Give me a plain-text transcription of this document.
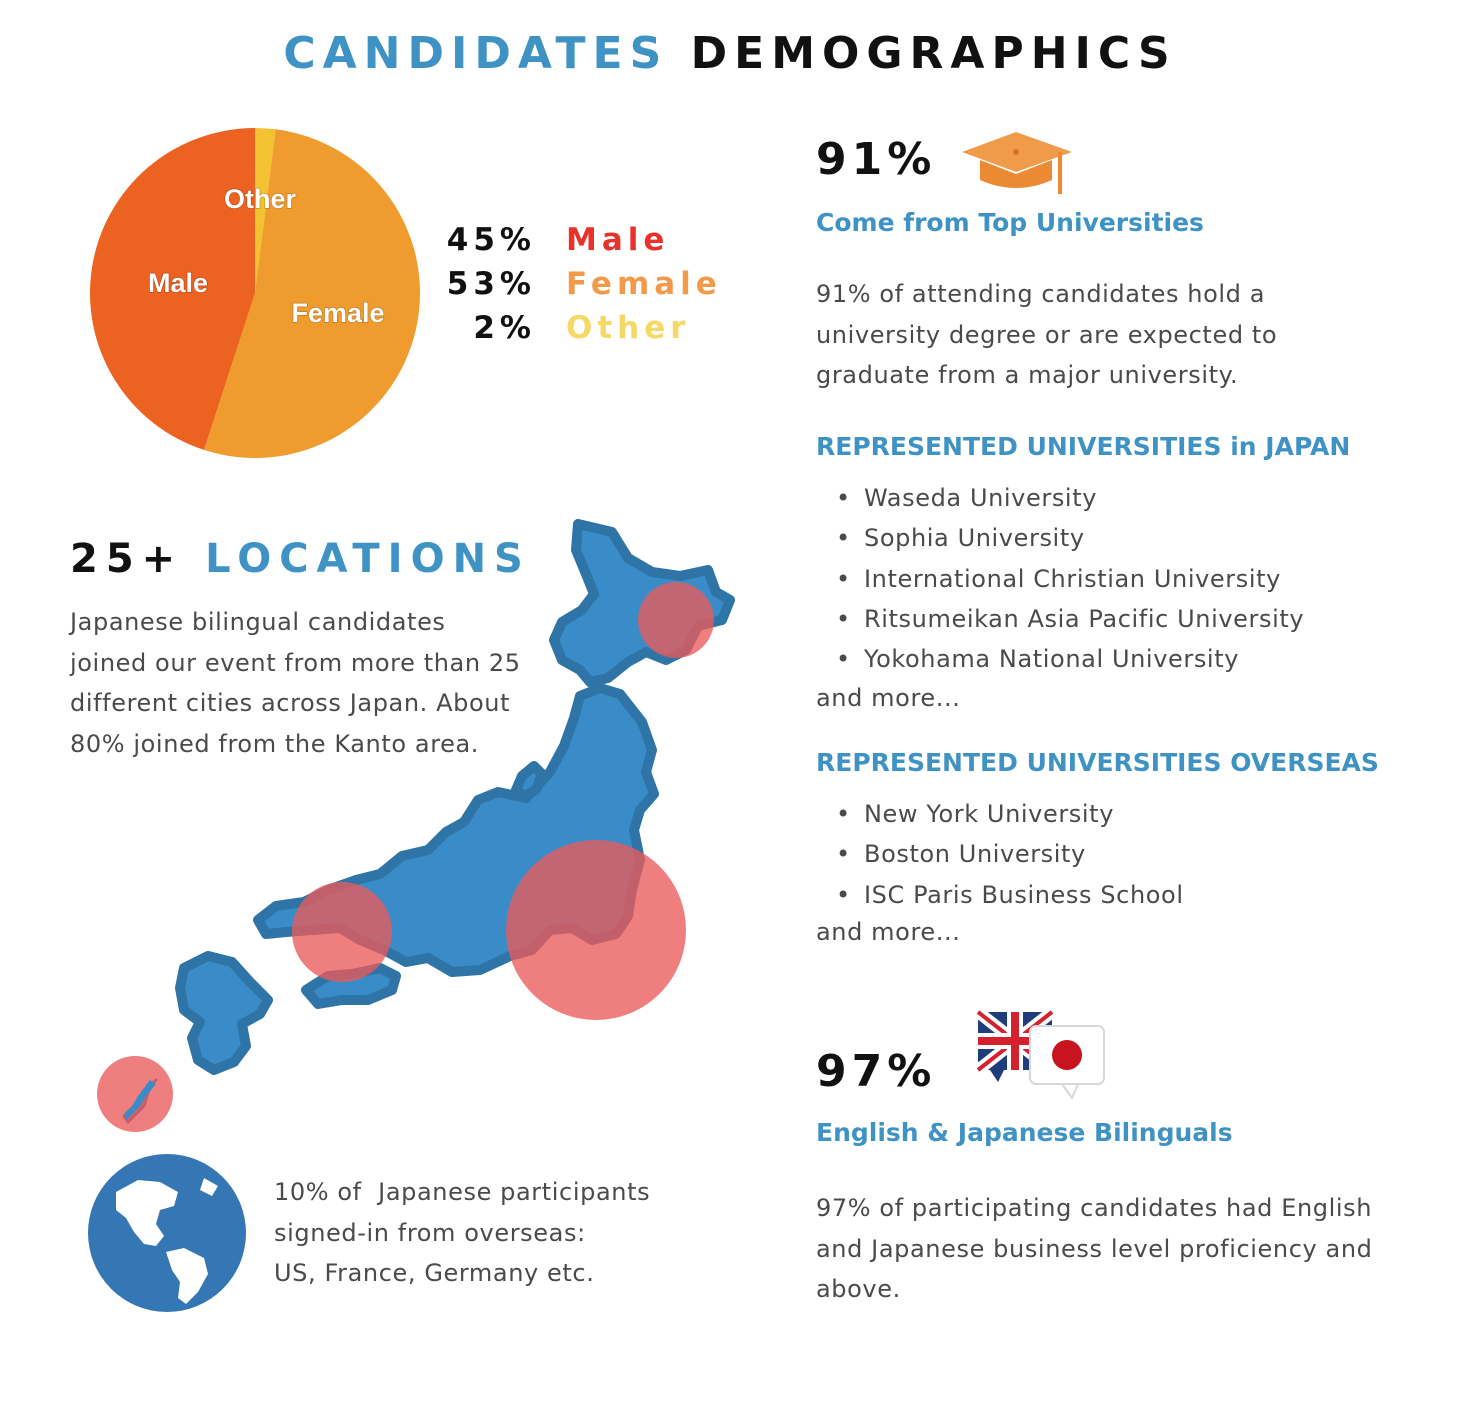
CANDIDATES DEMOGRAPHICS
Other
Female
Male
45% Male
53% Female
2% Other
25+ LOCATIONS
Japanese bilingual candidates joined our event from more than 25 different cities across Japan. About 80% joined from the Kanto area.
10% of  Japanese participants
signed-in from overseas:
US, France, Germany etc.
91%
Come from Top Universities
91% of attending candidates hold a university degree or are expected to graduate from a major university.
REPRESENTED UNIVERSITIES in JAPAN
• Waseda University
• Sophia University
• International Christian University
• Ritsumeikan Asia Pacific University
• Yokohama National University
and more...
REPRESENTED UNIVERSITIES OVERSEAS
• New York University
• Boston University
• ISC Paris Business School
and more...
97%
English & Japanese Bilinguals
97% of participating candidates had English and Japanese business level proficiency and above.
